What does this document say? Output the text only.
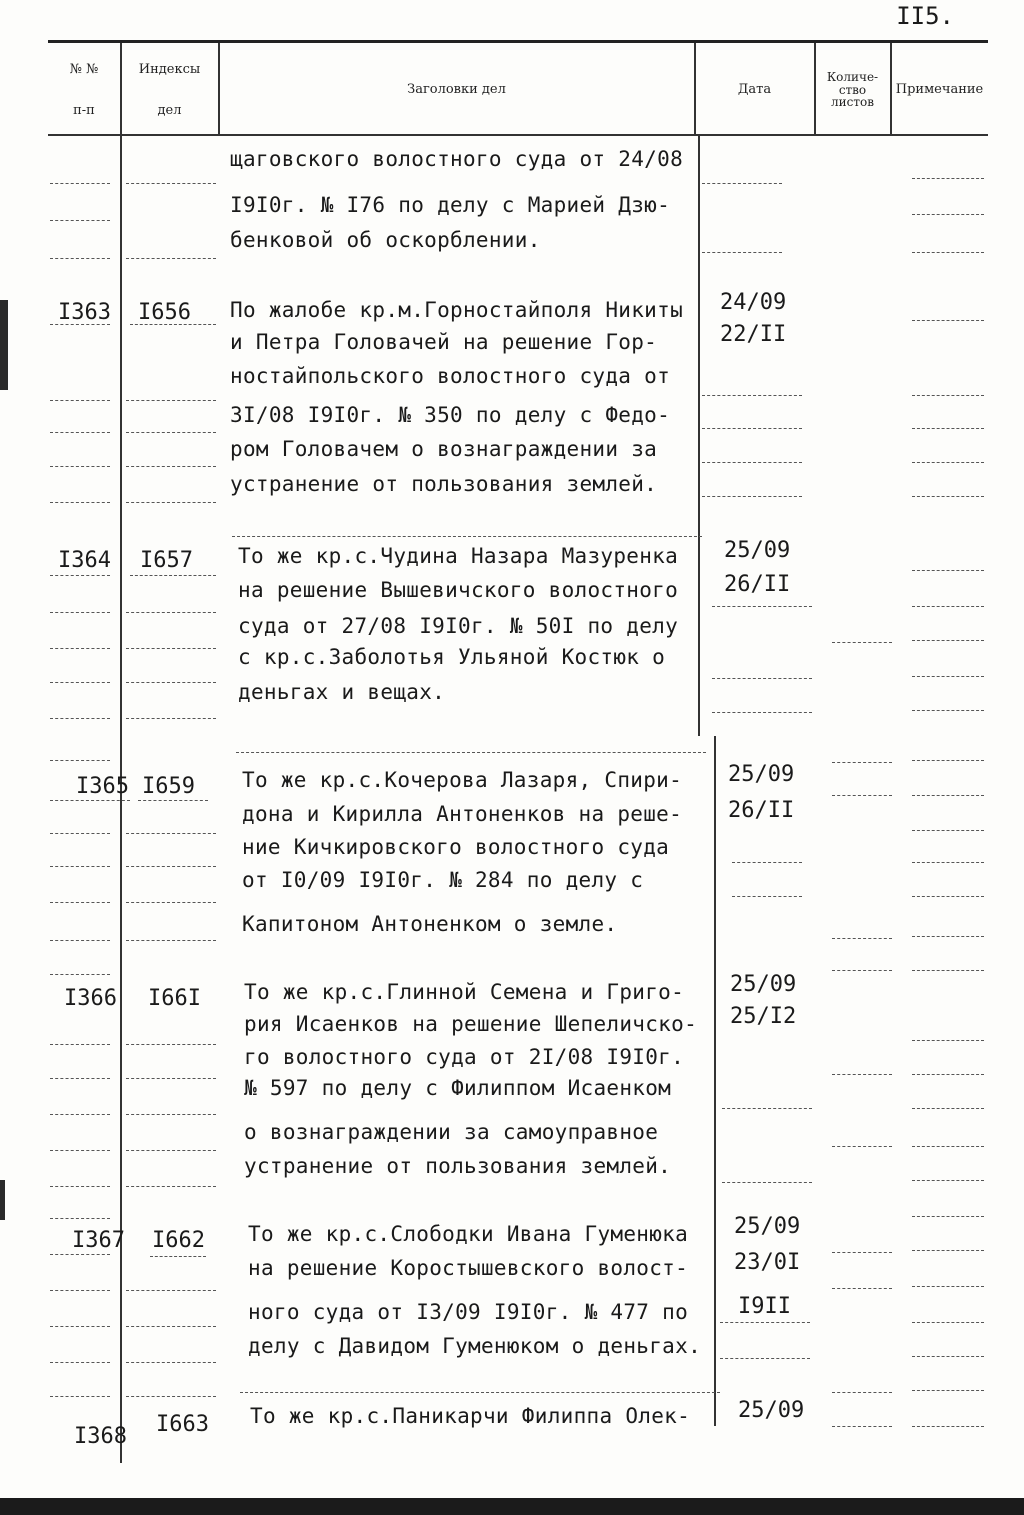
II5.
№ №
п-п
Индексы
дел
Заголовки дел	Дата
Количе-
ство
листов
Примечание
щаговского волостного суда от 24/08
I9I0г. № I76 по делу с Марией Дзю-
бенковой об оскорблении.
I363 I656 По жалобе кр.м.Горностайполя Никиты
и Петра Головачей на решение Гор-
ностайпольского волостного суда от
3I/08 I9I0г. № 350 по делу с Федо-
ром Головачем о вознаграждении за
устранение от пользования землей.
24/09
22/II
I364 I657 То же кр.с.Чудина Назара Мазуренка
на решение Вышевичского волостного
суда от 27/08 I9I0г. № 50I по делу
с кр.с.Заболотья Ульяной Костюк о
деньгах и вещах.
25/09
26/II
I365 I659 То же кр.с.Кочерова Лазаря, Спири-
дона и Кирилла Антоненков на реше-
ние Кичкировского волостного суда
от I0/09 I9I0г. № 284 по делу с
Капитоном Антоненком о земле.
25/09
26/II
I366 I66I То же кр.с.Глинной Семена и Григо-
рия Исаенков на решение Шепеличско-
го волостного суда от 2I/08 I9I0г.
№ 597 по делу с Филиппом Исаенком
о вознаграждении за самоуправное
устранение от пользования землей.
25/09
25/I2
I367 I662 То же кр.с.Слободки Ивана Гуменюка
на решение Коростышевского волост-
ного суда от I3/09 I9I0г. № 477 по
делу с Давидом Гуменюком о деньгах.
25/09
23/0I
I9II
I368 I663 То же кр.с.Паникарчи Филиппа Олек- 25/09
